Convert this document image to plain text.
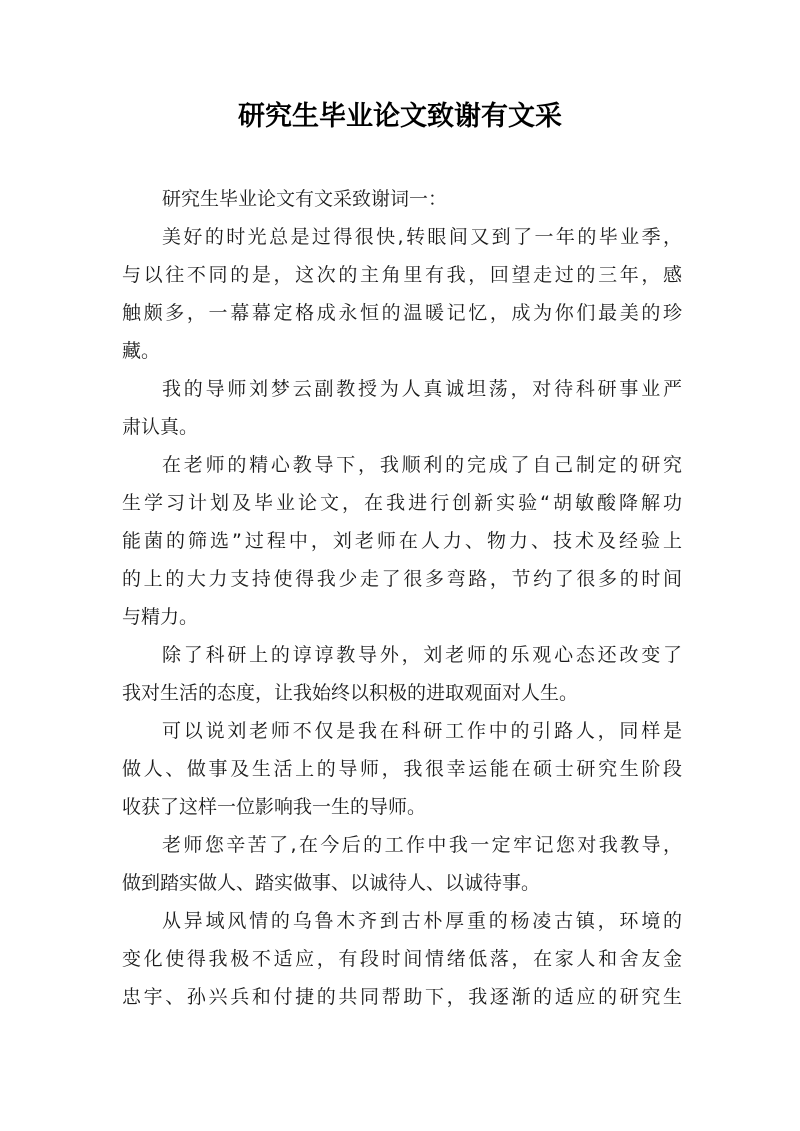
研究生毕业论文致谢有文采

研究生毕业论文有文采致谢词一：

美好的时光总是过得很快,转眼间又到了一年的毕业季，
与以往不同的是，这次的主角里有我，回望走过的三年，感
触颇多，一幕幕定格成永恒的温暖记忆，成为你们最美的珍
藏。

我的导师刘梦云副教授为人真诚坦荡，对待科研事业严
肃认真。

在老师的精心教导下，我顺利的完成了自己制定的研究
生学习计划及毕业论文，在我进行创新实验“胡敏酸降解功
能菌的筛选”过程中，刘老师在人力、物力、技术及经验上
的上的大力支持使得我少走了很多弯路，节约了很多的时间
与精力。

除了科研上的谆谆教导外，刘老师的乐观心态还改变了
我对生活的态度，让我始终以积极的进取观面对人生。

可以说刘老师不仅是我在科研工作中的引路人，同样是
做人、做事及生活上的导师，我很幸运能在硕士研究生阶段
收获了这样一位影响我一生的导师。

老师您辛苦了,在今后的工作中我一定牢记您对我教导，
做到踏实做人、踏实做事、以诚待人、以诚待事。

从异域风情的乌鲁木齐到古朴厚重的杨凌古镇，环境的
变化使得我极不适应，有段时间情绪低落，在家人和舍友金
忠宇、孙兴兵和付捷的共同帮助下，我逐渐的适应的研究生
